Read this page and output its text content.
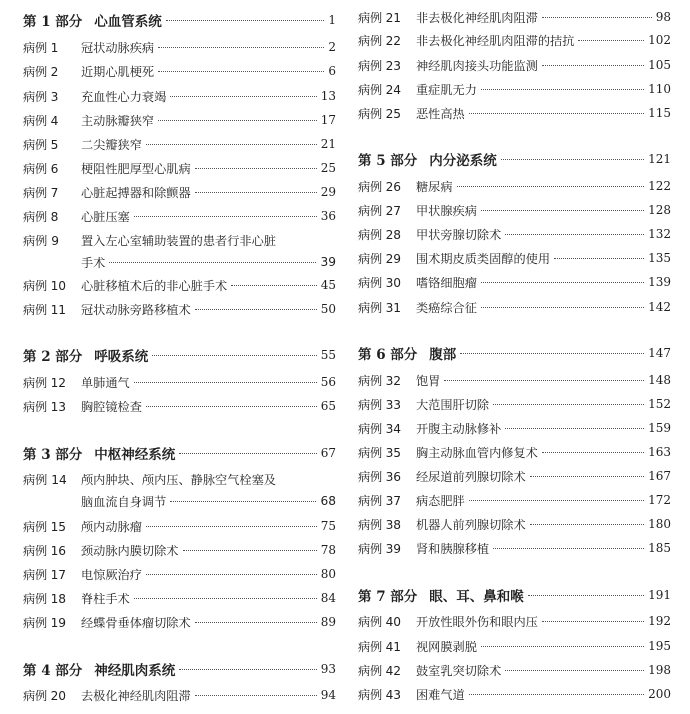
第 1 部分 心血管系统	1
病例 1	冠状动脉疾病	2
病例 2	近期心肌梗死	6
病例 3	充血性心力衰竭	13
病例 4	主动脉瓣狭窄	17
病例 5	二尖瓣狭窄	21
病例 6	梗阻性肥厚型心肌病	25
病例 7	心脏起搏器和除颤器	29
病例 8	心脏压塞	36
病例 9	置入左心室辅助装置的患者行非心脏
手术	39
病例 10	心脏移植术后的非心脏手术	45
病例 11	冠状动脉旁路移植术	50
第 2 部分 呼吸系统	55
病例 12	单肺通气	56
病例 13	胸腔镜检查	65
第 3 部分 中枢神经系统	67
病例 14	颅内肿块、颅内压、静脉空气栓塞及
脑血流自身调节	68
病例 15	颅内动脉瘤	75
病例 16	颈动脉内膜切除术	78
病例 17	电惊厥治疗	80
病例 18	脊柱手术	84
病例 19	经蝶骨垂体瘤切除术	89
第 4 部分 神经肌肉系统	93
病例 20	去极化神经肌肉阻滞	94
病例 21	非去极化神经肌肉阻滞	98
病例 22	非去极化神经肌肉阻滞的拮抗	102
病例 23	神经肌肉接头功能监测	105
病例 24	重症肌无力	110
病例 25	恶性高热	115
第 5 部分 内分泌系统	121
病例 26	糖尿病	122
病例 27	甲状腺疾病	128
病例 28	甲状旁腺切除术	132
病例 29	围术期皮质类固醇的使用	135
病例 30	嗜铬细胞瘤	139
病例 31	类癌综合征	142
第 6 部分 腹部	147
病例 32	饱胃	148
病例 33	大范围肝切除	152
病例 34	开腹主动脉修补	159
病例 35	胸主动脉血管内修复术	163
病例 36	经尿道前列腺切除术	167
病例 37	病态肥胖	172
病例 38	机器人前列腺切除术	180
病例 39	肾和胰腺移植	185
第 7 部分 眼、耳、鼻和喉	191
病例 40	开放性眼外伤和眼内压	192
病例 41	视网膜剥脱	195
病例 42	鼓室乳突切除术	198
病例 43	困难气道	200
